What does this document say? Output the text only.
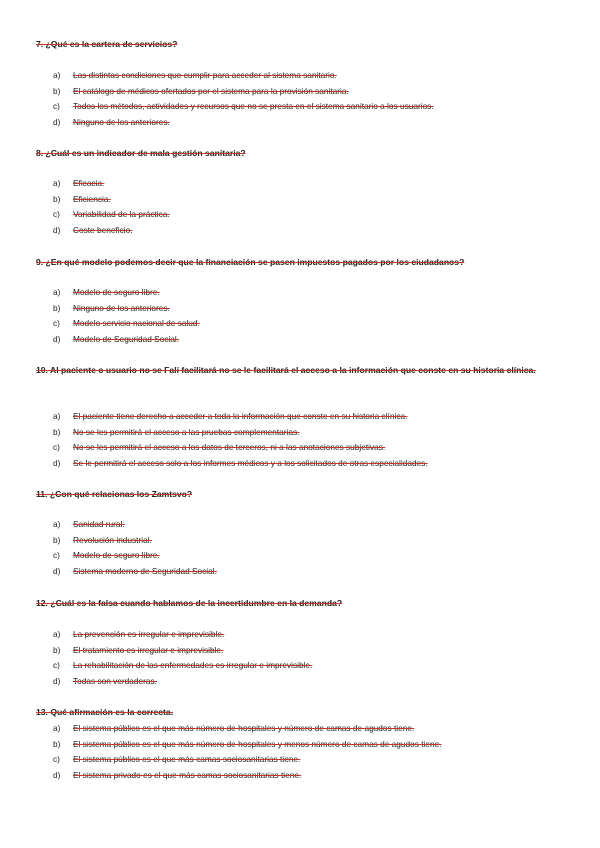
7. ¿Qué es la cartera de servicios?
a) Las distintas condiciones que cumplir para acceder al sistema sanitario.
b) El catálogo de médicos ofertados por el sistema para la provisión sanitaria.
c) Todos los métodos, actividades y recursos que no se presta en el sistema sanitario a los usuarios.
d) Ninguno de los anteriores.
8. ¿Cuál es un indicador de mala gestión sanitaria?
a) Eficacia.
b) Eficiencia.
c) Variabilidad de la práctica.
d) Coste beneficio.
9. ¿En qué modelo podemos decir que la financiación se pasen impuestos pagados por los ciudadanos?
a) Modelo de seguro libre.
b) Ninguno de los anteriores.
c) Modelo servicio nacional de salud.
d) Modelo de Seguridad Social.
10. Al paciente o usuario no se Fali facilitará no se le facilitará el acceso a la información que conste en su historia clínica.
a) El paciente tiene derecho a acceder a toda la información que conste en su historia clínica.
b) No se les permitirá el acceso a las pruebas complementarias.
c) No se les permitirá el acceso a los datos de terceros, ni a las anotaciones subjetivas.
d) Se le permitirá el acceso solo a los informes médicos y a los solicitados de otras especialidades.
11. ¿Con qué relacionas los Zamtsvo?
a) Sanidad rural.
b) Revolución industrial.
c) Modelo de seguro libre.
d) Sistema moderno de Seguridad Social.
12. ¿Cuál es la falsa cuando hablamos de la incertidumbre en la demanda?
a) La prevención es irregular e imprevisible.
b) El tratamiento es irregular e imprevisible.
c) La rehabilitación de las enfermedades es irregular e imprevisible.
d) Todas son verdaderas.
13. Qué afirmación es la correcta.
a) El sistema público es el que más número de hospitales y número de camas de agudos tiene.
b) El sistema público es el que más número de hospitales y menos número de camas de agudos tiene.
c) El sistema público es el que más camas sociosanitarias tiene.
d) El sistema privado es el que más camas sociosanitarias tiene.
